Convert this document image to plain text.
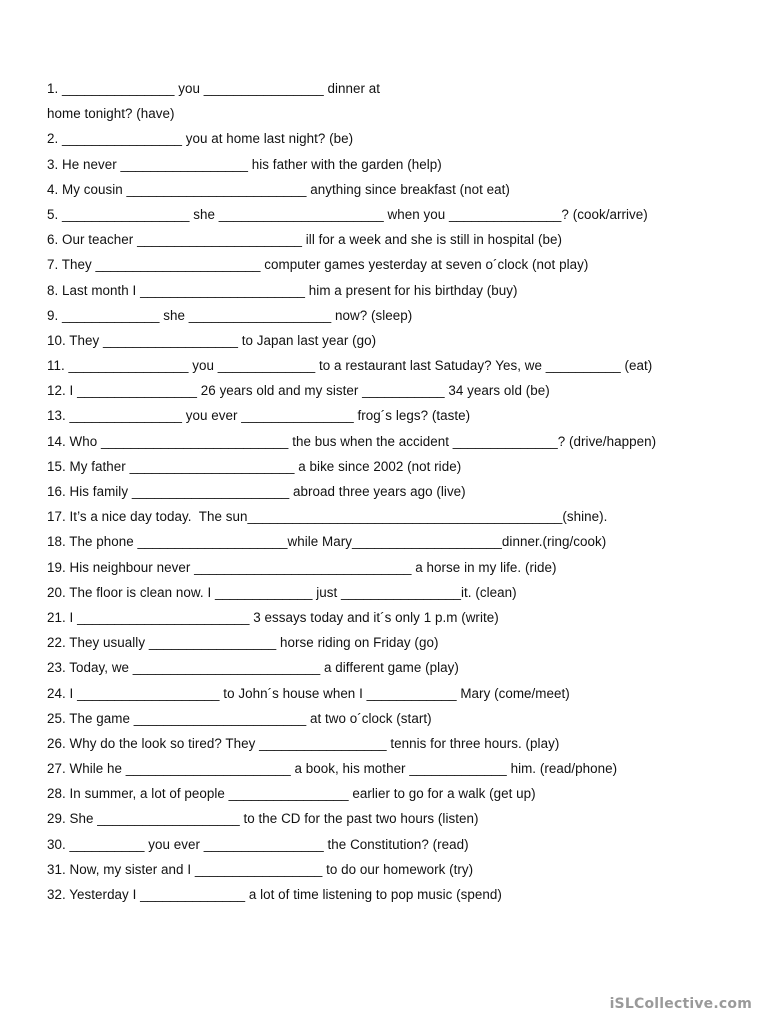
1. _______________ you ________________ dinner at
home tonight? (have)
2. ________________ you at home last night? (be)
3. He never _________________ his father with the garden (help)
4. My cousin ________________________ anything since breakfast (not eat)
5. _________________ she ______________________ when you _______________? (cook/arrive)
6. Our teacher ______________________ ill for a week and she is still in hospital (be)
7. They ______________________ computer games yesterday at seven o´clock (not play)
8. Last month I ______________________ him a present for his birthday (buy)
9. _____________ she ___________________ now? (sleep)
10. They __________________ to Japan last year (go)
11. ________________ you _____________ to a restaurant last Satuday? Yes, we __________ (eat)
12. I ________________ 26 years old and my sister ___________ 34 years old (be)
13. _______________ you ever _______________ frog´s legs? (taste)
14. Who _________________________ the bus when the accident ______________? (drive/happen)
15. My father ______________________ a bike since 2002 (not ride)
16. His family _____________________ abroad three years ago (live)
17. It’s a nice day today.  The sun__________________________________________(shine).
18. The phone ____________________while Mary____________________dinner.(ring/cook)
19. His neighbour never _____________________________ a horse in my life. (ride)
20. The floor is clean now. I _____________ just ________________it. (clean)
21. I _______________________ 3 essays today and it´s only 1 p.m (write)
22. They usually _________________ horse riding on Friday (go)
23. Today, we _________________________ a different game (play)
24. I ___________________ to John´s house when I ____________ Mary (come/meet)
25. The game _______________________ at two o´clock (start)
26. Why do the look so tired? They _________________ tennis for three hours. (play)
27. While he ______________________ a book, his mother _____________ him. (read/phone)
28. In summer, a lot of people ________________ earlier to go for a walk (get up)
29. She ___________________ to the CD for the past two hours (listen)
30. __________ you ever ________________ the Constitution? (read)
31. Now, my sister and I _________________ to do our homework (try)
32. Yesterday I ______________ a lot of time listening to pop music (spend)
iSLCollective.com
